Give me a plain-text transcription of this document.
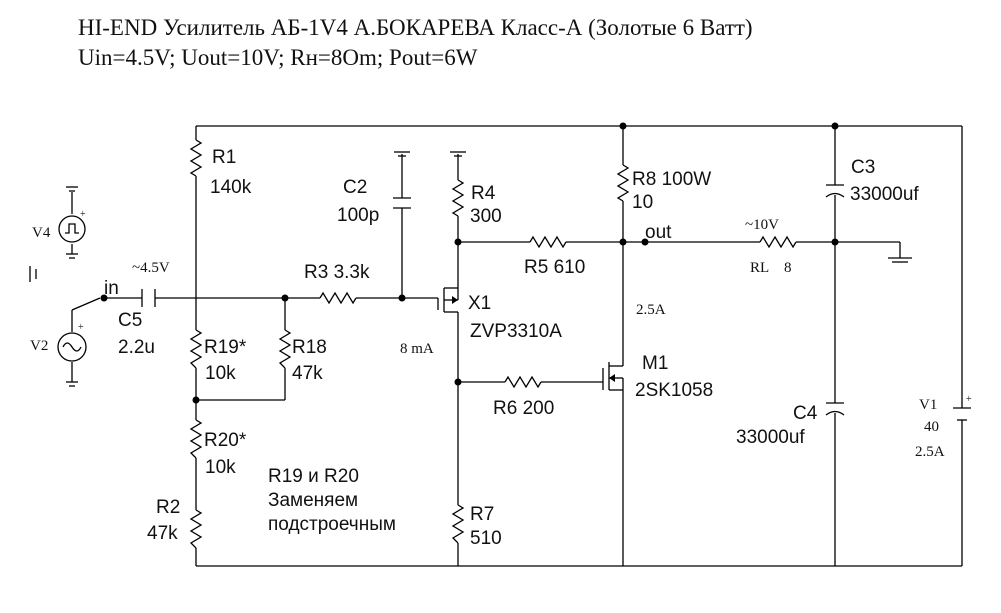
HI-END Усилитель АБ-1V4 А.БОКАРЕВА Класс-А (Золотые 6 Ватт)
Uin=4.5V; Uout=10V; Rн=8Om; Pout=6W
+
+
+
R1
140k	C2
100p
R4
300
R8 100W
10
C3
33000uf
~10V
RL 8
R3 3.3k	R5 610
X1
ZVP3310A
C5
2.2u	R19*
10k
R18
47k	M1
2SK1058
R6 200	C4
33000uf
V1
40
2.5A
R20*
10k
R2
47k
R7
510
V4
V2
~4.5V
in
out
8 mA
2.5A
R19 и R20
Заменяем
подстроечным
